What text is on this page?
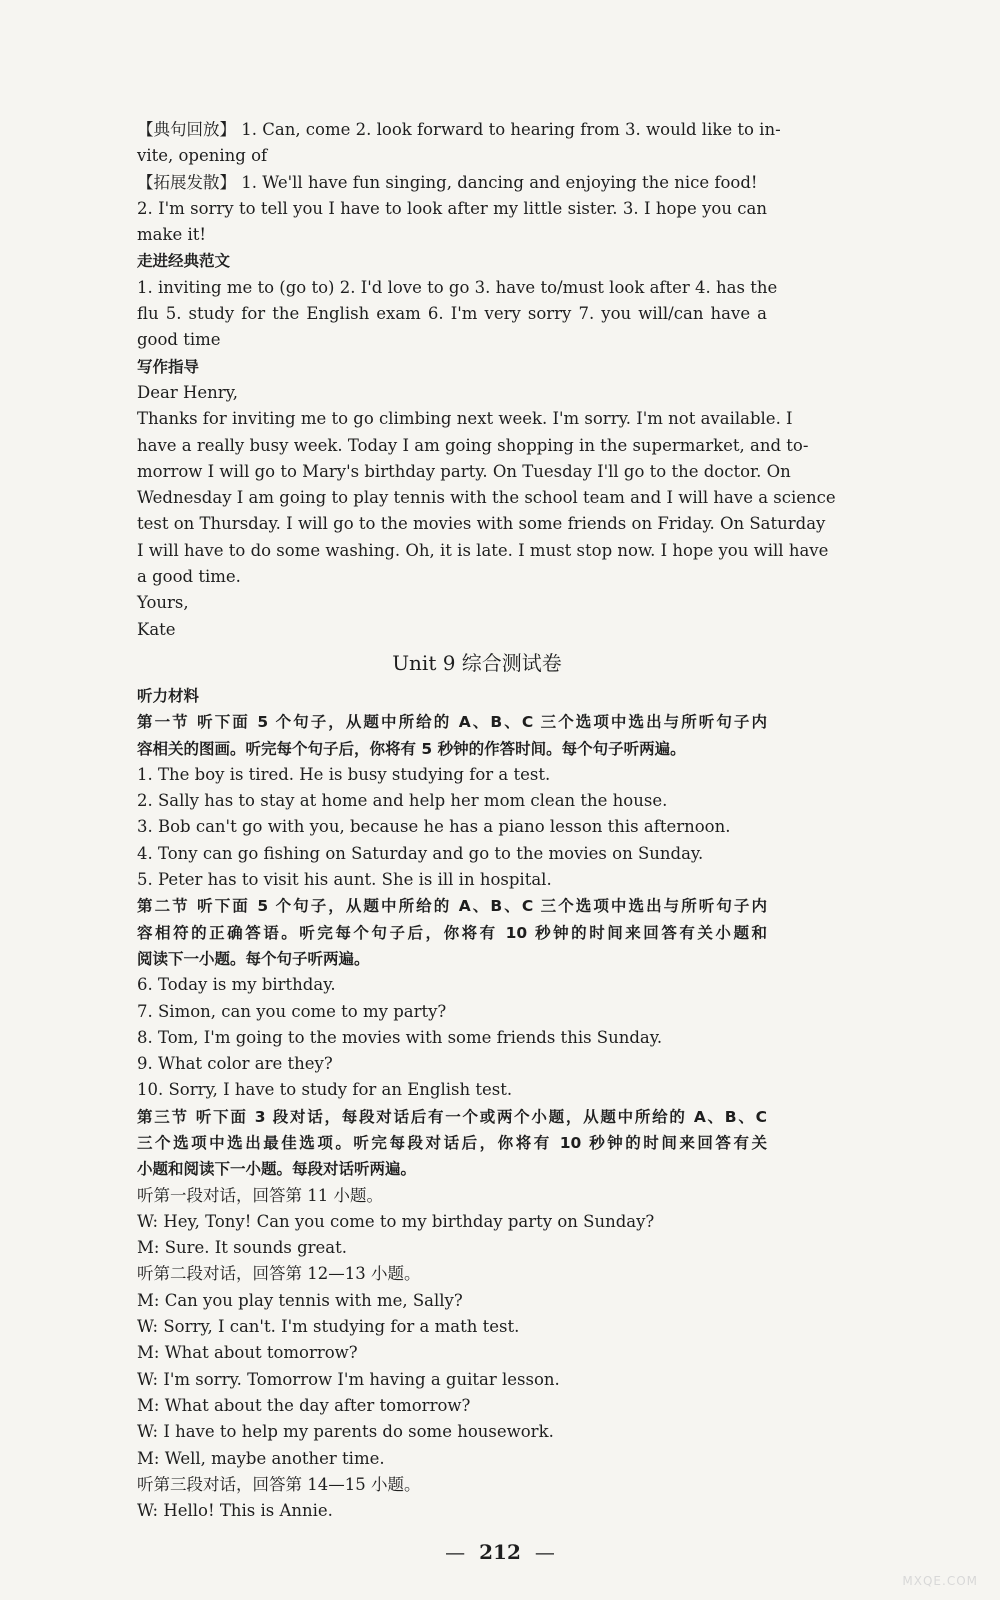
【典句回放】 1. Can, come 2. look forward to hearing from 3. would like to in-
vite, opening of
【拓展发散】 1. We'll have fun singing, dancing and enjoying the nice food!
2. I'm sorry to tell you I have to look after my little sister. 3. I hope you can
make it!
走进经典范文
1. inviting me to (go to) 2. I'd love to go 3. have to/must look after 4. has the
flu 5. study for the English exam 6. I'm very sorry 7. you will/can have a
good time
写作指导
Dear Henry,
Thanks for inviting me to go climbing next week. I'm sorry. I'm not available. I
have a really busy week. Today I am going shopping in the supermarket, and to-
morrow I will go to Mary's birthday party. On Tuesday I'll go to the doctor. On
Wednesday I am going to play tennis with the school team and I will have a science
test on Thursday. I will go to the movies with some friends on Friday. On Saturday
I will have to do some washing. Oh, it is late. I must stop now. I hope you will have
a good time.
Yours,
Kate
Unit 9 综合测试卷
听力材料
第一节 听下面 5 个句子，从题中所给的 A、B、C 三个选项中选出与所听句子内
容相关的图画。听完每个句子后，你将有 5 秒钟的作答时间。每个句子听两遍。
1. The boy is tired. He is busy studying for a test.
2. Sally has to stay at home and help her mom clean the house.
3. Bob can't go with you, because he has a piano lesson this afternoon.
4. Tony can go fishing on Saturday and go to the movies on Sunday.
5. Peter has to visit his aunt. She is ill in hospital.
第二节 听下面 5 个句子，从题中所给的 A、B、C 三个选项中选出与所听句子内
容相符的正确答语。听完每个句子后，你将有 10 秒钟的时间来回答有关小题和
阅读下一小题。每个句子听两遍。
6. Today is my birthday.
7. Simon, can you come to my party?
8. Tom, I'm going to the movies with some friends this Sunday.
9. What color are they?
10. Sorry, I have to study for an English test.
第三节 听下面 3 段对话，每段对话后有一个或两个小题，从题中所给的 A、B、C
三个选项中选出最佳选项。听完每段对话后，你将有 10 秒钟的时间来回答有关
小题和阅读下一小题。每段对话听两遍。
听第一段对话，回答第 11 小题。
W: Hey, Tony! Can you come to my birthday party on Sunday?
M: Sure. It sounds great.
听第二段对话，回答第 12—13 小题。
M: Can you play tennis with me, Sally?
W: Sorry, I can't. I'm studying for a math test.
M: What about tomorrow?
W: I'm sorry. Tomorrow I'm having a guitar lesson.
M: What about the day after tomorrow?
W: I have to help my parents do some housework.
M: Well, maybe another time.
听第三段对话，回答第 14—15 小题。
W: Hello! This is Annie.
— 212 —
MXQE.COM
